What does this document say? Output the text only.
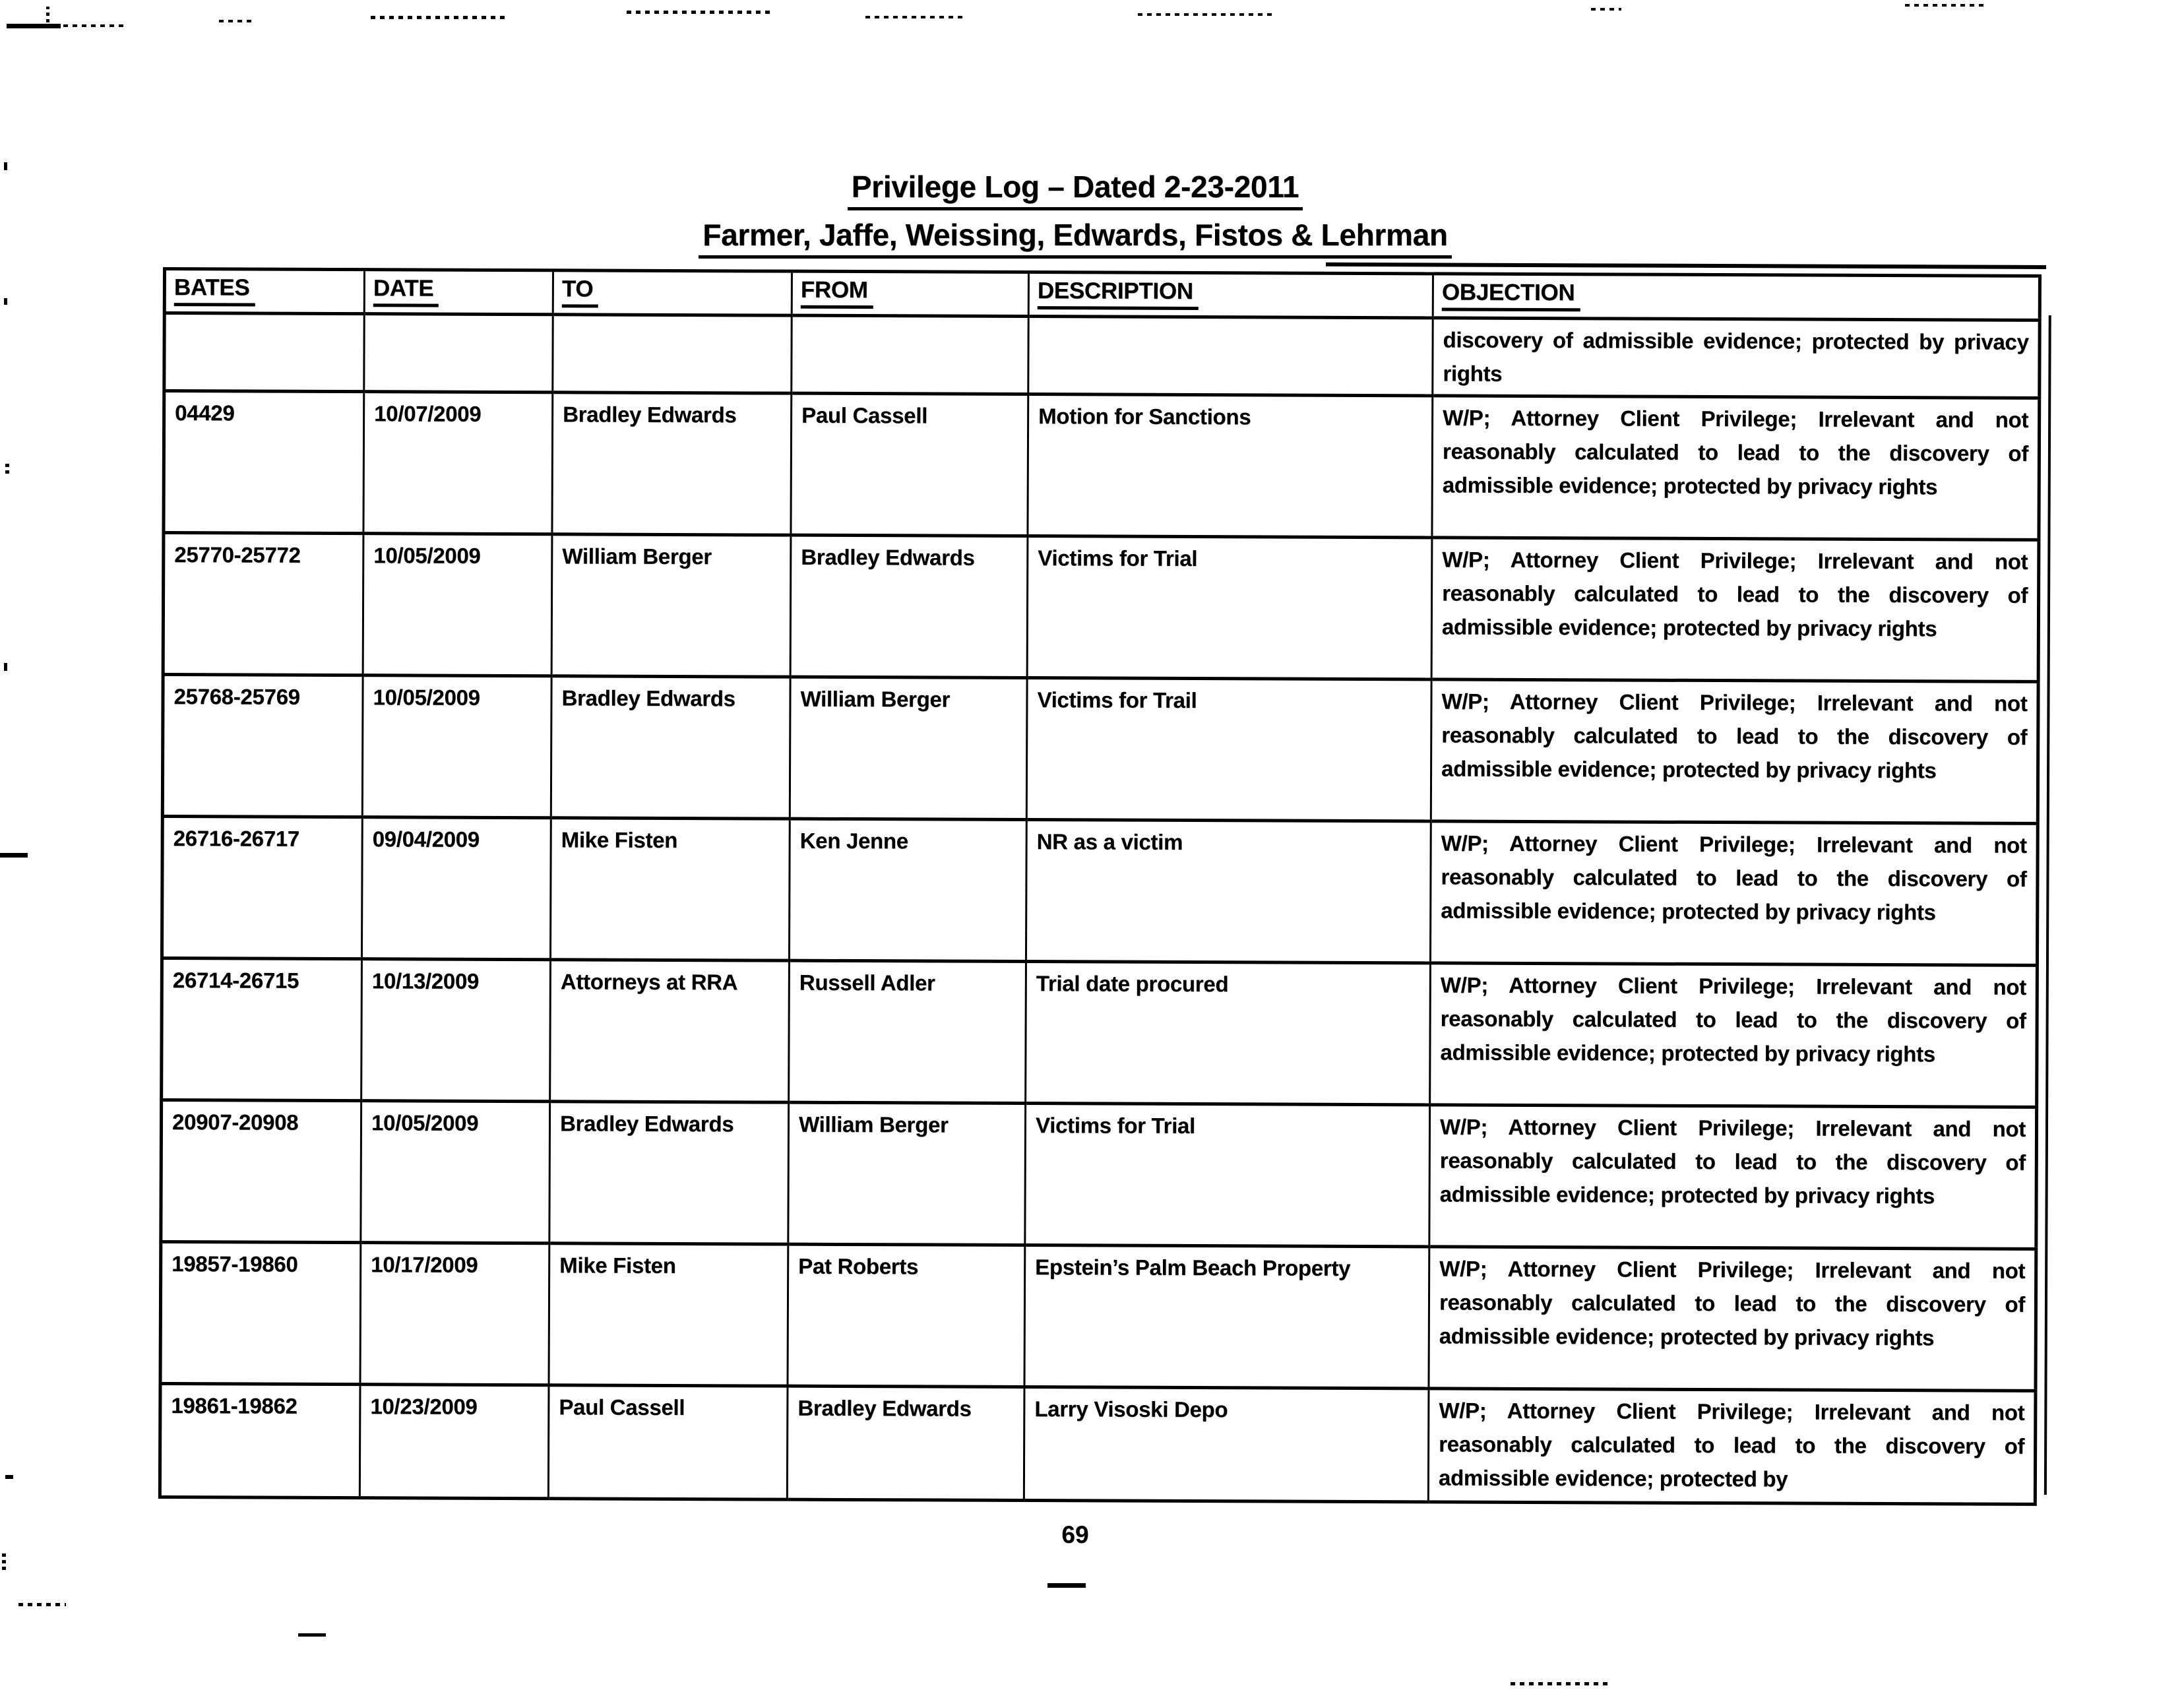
Privilege Log – Dated 2-23-2011
Farmer, Jaffe, Weissing, Edwards, Fistos & Lehrman
BATES	DATE	TO	FROM	DESCRIPTION	OBJECTION
					discovery of admissible evidence; protected by privacy rights
04429	10/07/2009	Bradley Edwards	Paul Cassell	Motion for Sanctions	W/P; Attorney Client Privilege; Irrelevant and not reasonably calculated to lead to the discovery of admissible evidence; protected by privacy rights
25770-25772	10/05/2009	William Berger	Bradley Edwards	Victims for Trial	W/P; Attorney Client Privilege; Irrelevant and not reasonably calculated to lead to the discovery of admissible evidence; protected by privacy rights
25768-25769	10/05/2009	Bradley Edwards	William Berger	Victims for Trail	W/P; Attorney Client Privilege; Irrelevant and not reasonably calculated to lead to the discovery of admissible evidence; protected by privacy rights
26716-26717	09/04/2009	Mike Fisten	Ken Jenne	NR as a victim	W/P; Attorney Client Privilege; Irrelevant and not reasonably calculated to lead to the discovery of admissible evidence; protected by privacy rights
26714-26715	10/13/2009	Attorneys at RRA	Russell Adler	Trial date procured	W/P; Attorney Client Privilege; Irrelevant and not reasonably calculated to lead to the discovery of admissible evidence; protected by privacy rights
20907-20908	10/05/2009	Bradley Edwards	William Berger	Victims for Trial	W/P; Attorney Client Privilege; Irrelevant and not reasonably calculated to lead to the discovery of admissible evidence; protected by privacy rights
19857-19860	10/17/2009	Mike Fisten	Pat Roberts	Epstein’s Palm Beach Property	W/P; Attorney Client Privilege; Irrelevant and not reasonably calculated to lead to the discovery of admissible evidence; protected by privacy rights
19861-19862	10/23/2009	Paul Cassell	Bradley Edwards	Larry Visoski Depo	W/P; Attorney Client Privilege; Irrelevant and not reasonably calculated to lead to the discovery of admissible evidence; protected by
69
